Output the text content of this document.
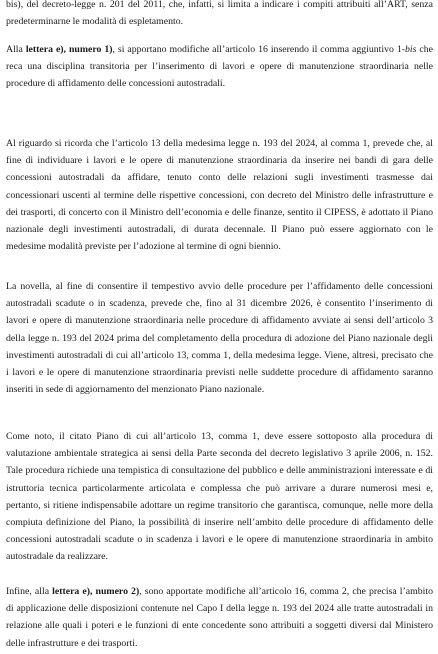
bis), del decreto-legge n. 201 del 2011, che, infatti, si limita a indicare i compiti attribuiti all’ART, senza predeterminarne le modalità di espletamento.

Alla lettera e), numero 1), si apportano modifiche all’articolo 16 inserendo il comma aggiuntivo 1-bis che reca una disciplina transitoria per l’inserimento di lavori e opere di manutenzione straordinaria nelle procedure di affidamento delle concessioni autostradali.

Al riguardo si ricorda che l’articolo 13 della medesima legge n. 193 del 2024, al comma 1, prevede che, al fine di individuare i lavori e le opere di manutenzione straordinaria da inserire nei bandi di gara delle concessioni autostradali da affidare, tenuto conto delle relazioni sugli investimenti trasmesse dai concessionari uscenti al termine delle rispettive concessioni, con decreto del Ministro delle infrastrutture e dei trasporti, di concerto con il Ministro dell’economia e delle finanze, sentito il CIPESS, è adottato il Piano nazionale degli investimenti autostradali, di durata decennale. Il Piano può essere aggiornato con le medesime modalità previste per l’adozione al termine di ogni biennio.

La novella, al fine di consentire il tempestivo avvio delle procedure per l’affidamento delle concessioni autostradali scadute o in scadenza, prevede che, fino al 31 dicembre 2026, è consentito l’inserimento di lavori e opere di manutenzione straordinaria nelle procedure di affidamento avviate ai sensi dell’articolo 3 della legge n. 193 del 2024 prima del completamento della procedura di adozione del Piano nazionale degli investimenti autostradali di cui all’articolo 13, comma 1, della medesima legge. Viene, altresì, precisato che i lavori e le opere di manutenzione straordinaria previsti nelle suddette procedure di affidamento saranno inseriti in sede di aggiornamento del menzionato Piano nazionale.

Come noto, il citato Piano di cui all’articolo 13, comma 1, deve essere sottoposto alla procedura di valutazione ambientale strategica ai sensi della Parte seconda del decreto legislativo 3 aprile 2006, n. 152. Tale procedura richiede una tempistica di consultazione del pubblico e delle amministrazioni interessate e di istruttoria tecnica particolarmente articolata e complessa che può arrivare a durare numerosi mesi e, pertanto, si ritiene indispensabile adottare un regime transitorio che garantisca, comunque, nelle more della compiuta definizione del Piano, la possibilità di inserire nell’ambito delle procedure di affidamento delle concessioni autostradali scadute o in scadenza i lavori e le opere di manutenzione straordinaria in ambito autostradale da realizzare.

Infine, alla lettera e), numero 2), sono apportate modifiche all’articolo 16, comma 2, che precisa l’ambito di applicazione delle disposizioni contenute nel Capo I della legge n. 193 del 2024 alle tratte autostradali in relazione alle quali i poteri e le funzioni di ente concedente sono attribuiti a soggetti diversi dal Ministero delle infrastrutture e dei trasporti.
